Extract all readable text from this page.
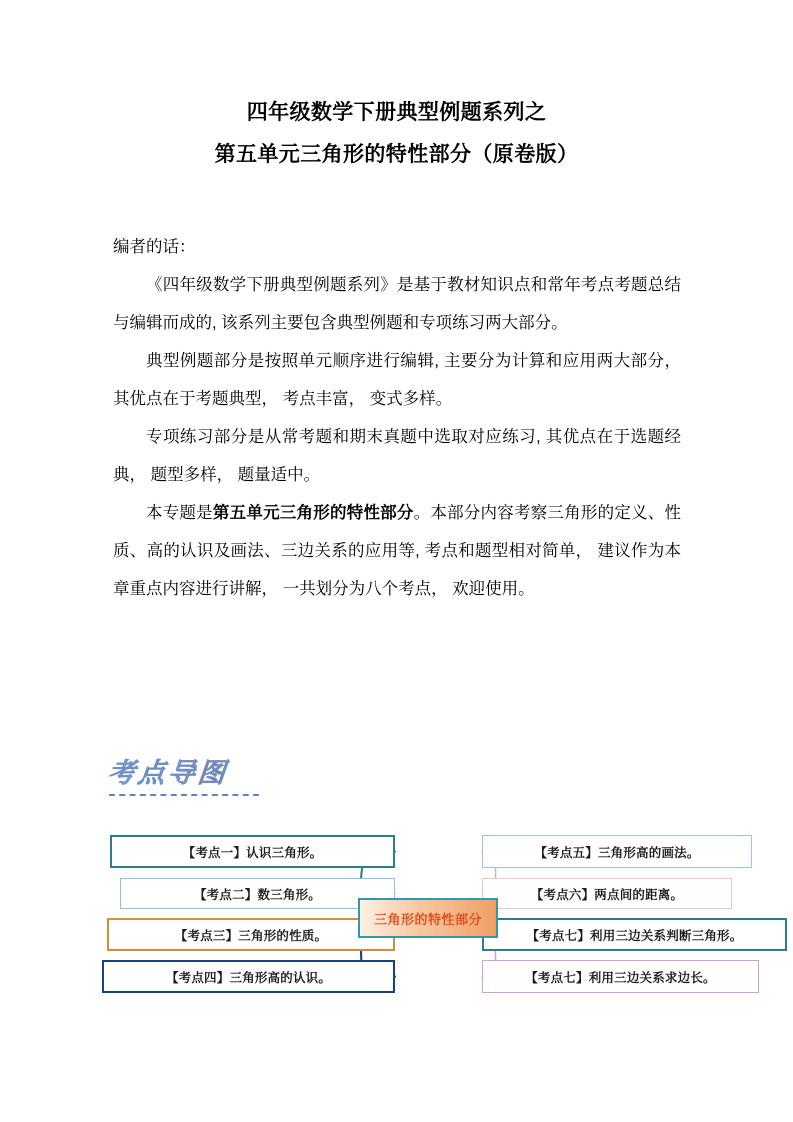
四年级数学下册典型例题系列之
第五单元三角形的特性部分（原卷版）

编者的话：

《四年级数学下册典型例题系列》是基于教材知识点和常年考点考题总结与编辑而成的, 该系列主要包含典型例题和专项练习两大部分。

典型例题部分是按照单元顺序进行编辑, 主要分为计算和应用两大部分， 其优点在于考题典型， 考点丰富， 变式多样。

专项练习部分是从常考题和期末真题中选取对应练习, 其优点在于选题经典， 题型多样， 题量适中。

本专题是第五单元三角形的特性部分。本部分内容考察三角形的定义、性质、高的认识及画法、三边关系的应用等, 考点和题型相对简单， 建议作为本章重点内容进行讲解， 一共划分为八个考点， 欢迎使用。

考点导图
【考点一】认识三角形。
【考点二】数三角形。
【考点三】三角形的性质。
【考点四】三角形高的认识。
【考点五】三角形高的画法。
【考点六】两点间的距离。
【考点七】利用三边关系判断三角形。
【考点七】利用三边关系求边长。
三角形的特性部分
